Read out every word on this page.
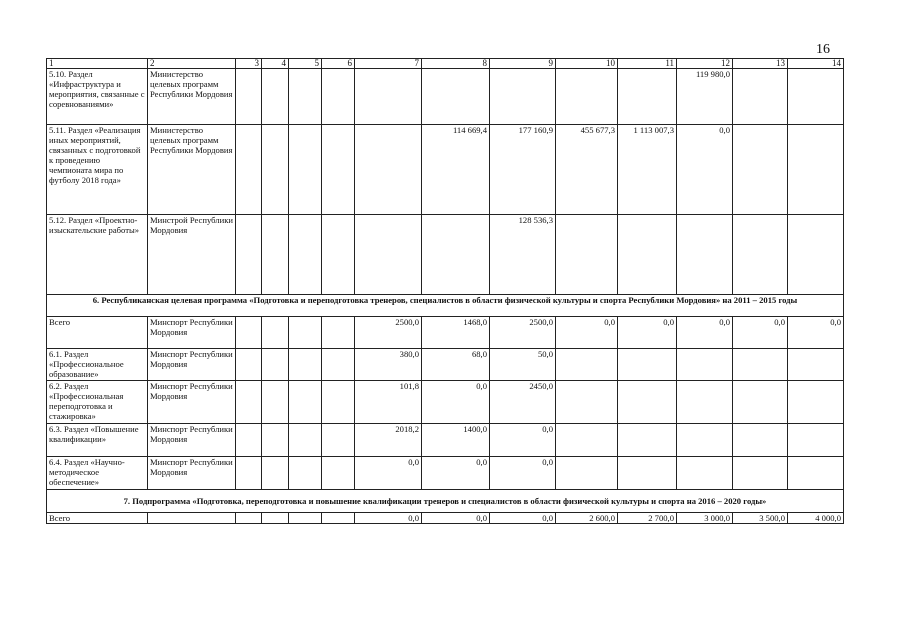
16
1	2	3	4	5	6	7	8	9	10	11	12	13	14
5.10. Раздел «Инфраструктура и мероприятия, связанные с соревнованиями»	Министерство целевых программ Республики Мордовия										119 980,0		
5.11. Раздел «Реализация иных мероприятий, связанных с подготовкой к проведению чемпионата мира по футболу 2018 года»	Министерство целевых программ Республики Мордовия						114 669,4	177 160,9	455 677,3	1 113 007,3	0,0		
5.12. Раздел «Проектно-изыскательские работы»	Минстрой Республики Мордовия							128 536,3					
6. Республиканская целевая программа «Подготовка и переподготовка тренеров, специалистов в области физической культуры и спорта Республики Мордовия» на 2011 – 2015 годы													
Всего	Минспорт Республики Мордовия					2500,0	1468,0	2500,0	0,0	0,0	0,0	0,0	0,0
6.1. Раздел «Профессиональное образование»	Минспорт Республики Мордовия					380,0	68,0	50,0					
6.2. Раздел «Профессиональная переподготовка и стажировка»	Минспорт Республики Мордовия					101,8	0,0	2450,0					
6.3. Раздел «Повышение квалификации»	Минспорт Республики Мордовия					2018,2	1400,0	0,0					
6.4. Раздел «Научно-методическое обеспечение»	Минспорт Республики Мордовия					0,0	0,0	0,0					
7. Подпрограмма «Подготовка, переподготовка и повышение квалификации тренеров и специалистов в области физической культуры и спорта на 2016 – 2020 годы»													
Всего						0,0	0,0	0,0	2 600,0	2 700,0	3 000,0	3 500,0	4 000,0
